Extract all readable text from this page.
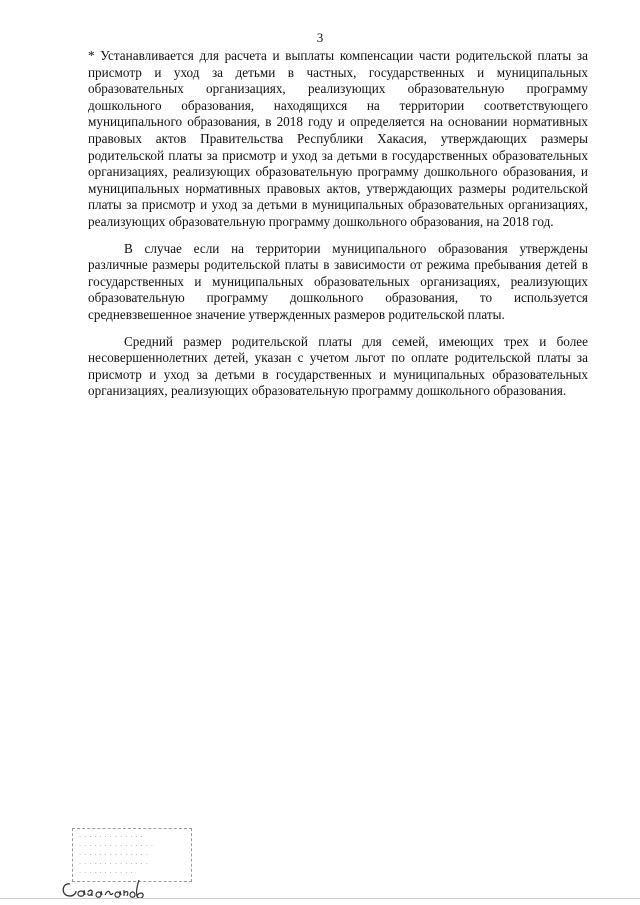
3

* Устанавливается для расчета и выплаты компенсации части родительской платы за присмотр и уход за детьми в частных, государственных и муниципальных образовательных организациях, реализующих образовательную программу дошкольного образования, находящихся на территории соответствующего муниципального образования, в 2018 году и определяется на основании нормативных правовых актов Правительства Республики Хакасия, утверждающих размеры родительской платы за присмотр и уход за детьми в государственных образовательных организациях, реализующих образовательную программу дошкольного образования, и муниципальных нормативных правовых актов, утверждающих размеры родительской платы за присмотр и уход за детьми в муниципальных образовательных организациях, реализующих образовательную программу дошкольного образования, на 2018 год.

В случае если на территории муниципального образования утверждены различные размеры родительской платы в зависимости от режима пребывания детей в государственных и муниципальных образовательных организациях, реализующих образовательную программу дошкольного образования, то используется средневзвешенное значение утвержденных размеров родительской платы.

Средний размер родительской платы для семей, имеющих трех и более несовершеннолетних детей, указан с учетом льгот по оплате родительской платы за присмотр и уход за детьми в государственных и муниципальных образовательных организациях, реализующих образовательную программу дошкольного образования.

· · · · · · · · · · · · ·
· · · · · · · · · · · · · · ·
· · · · · · · · · · · · · ·
· · · · · · · · · · · · · ·
· · · · · · · · · · ·
